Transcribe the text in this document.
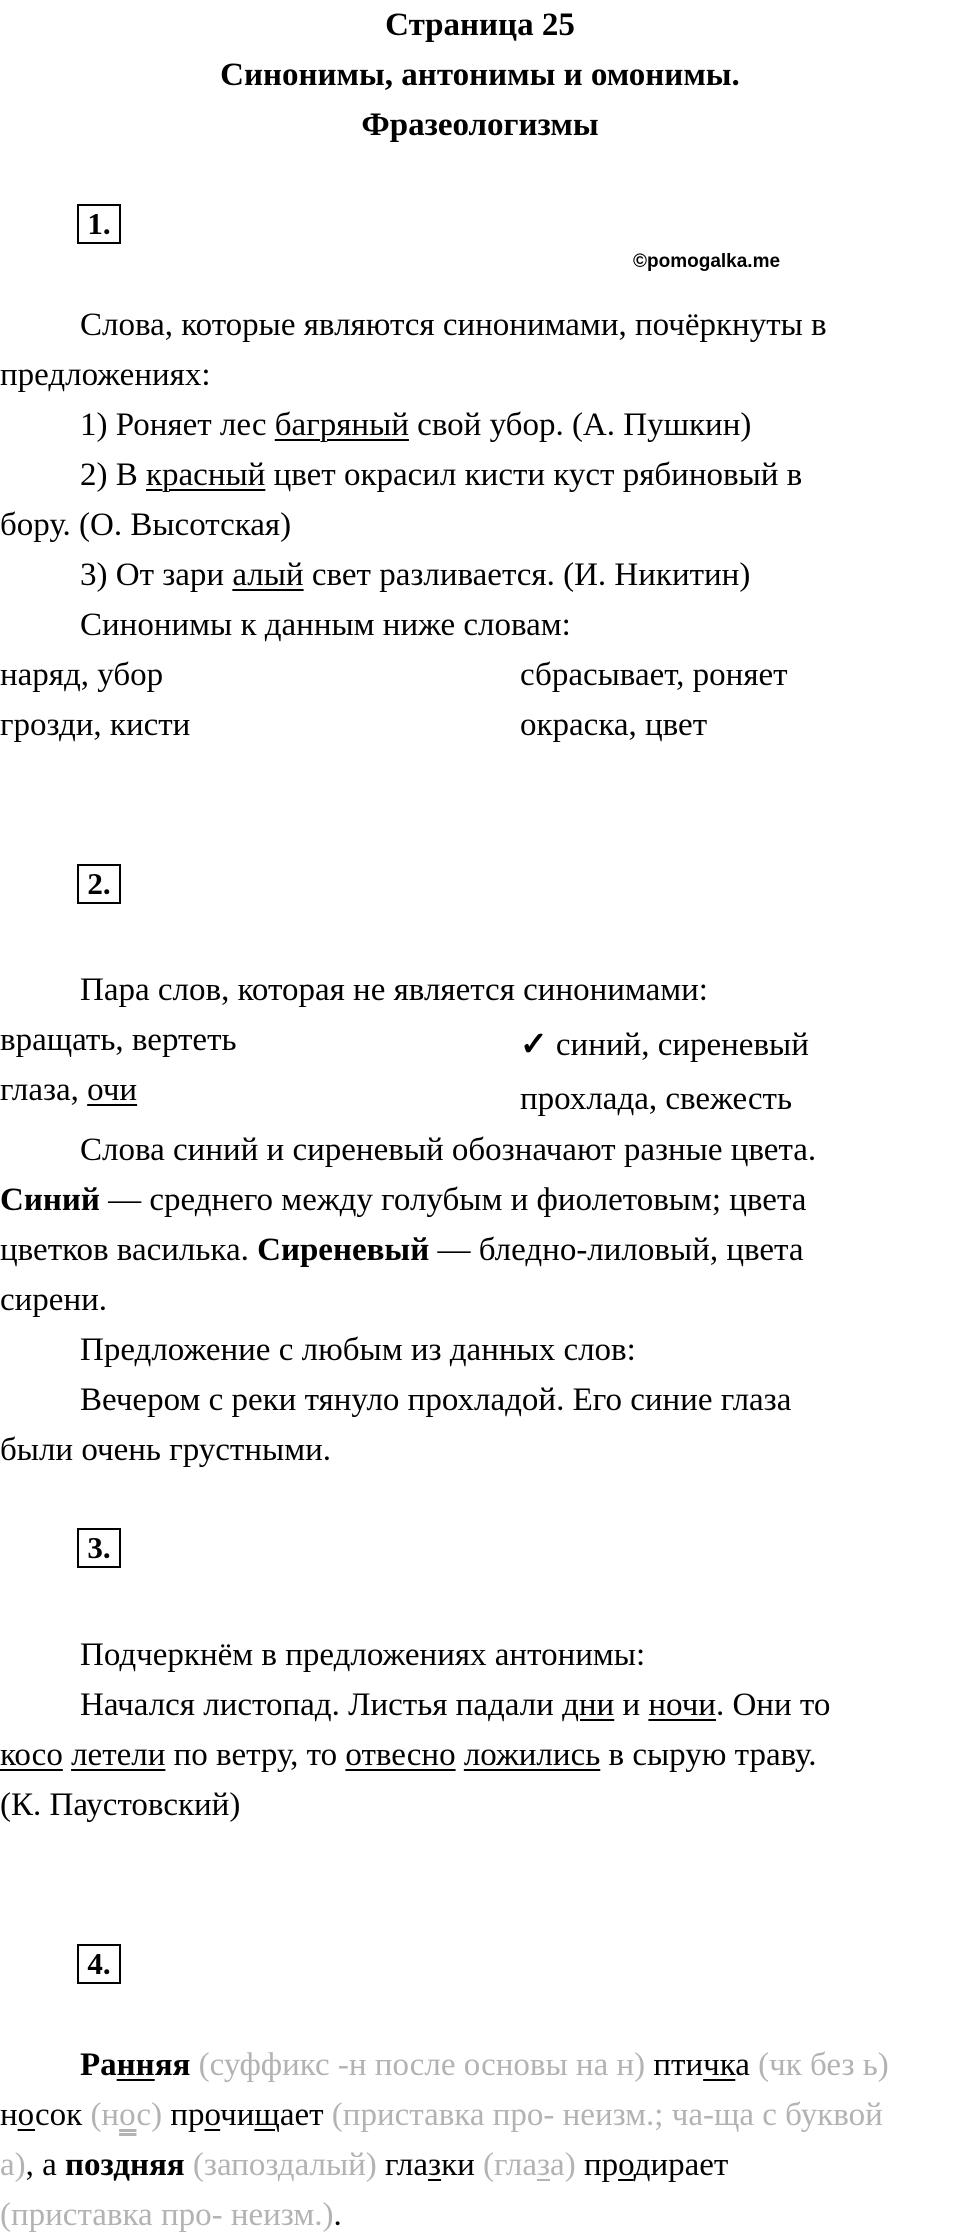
Страница 25
Синонимы, антонимы и омонимы.
Фразеологизмы
1.
©pomogalka.me
Слова, которые являются синонимами, почёркнуты в
предложениях:
1) Роняет лес багряный свой убор. (А. Пушкин)
2) В красный цвет окрасил кисти куст рябиновый в
бору. (О. Высотская)
3) От зари алый свет разливается. (И. Никитин)
Синонимы к данным ниже словам:
наряд, убор	сбрасывает, роняет
грозди, кисти	окраска, цвет
2.
Пара слов, которая не является синонимами:
вращать, вертеть	✓ синий, сиреневый
глаза, очи	прохлада, свежесть
Слова синий и сиреневый обозначают разные цвета.
Синий — среднего между голубым и фиолетовым; цвета
цветков василька. Сиреневый — бледно-лиловый, цвета
сирени.
Предложение с любым из данных слов:
Вечером с реки тянуло прохладой. Его синие глаза
были очень грустными.
3.
Подчеркнём в предложениях антонимы:
Начался листопад. Листья падали дни и ночи. Они то
косо летели по ветру, то отвесно ложились в сырую траву.
(К. Паустовский)
4.
Ранняя (суффикс -н после основы на н) птичка (чк без ь)
носок (нос) прочищает (приставка про- неизм.; ча-ща с буквой
а), а поздняя (запоздалый) глазки (глаза) продирает
(приставка про- неизм.).
